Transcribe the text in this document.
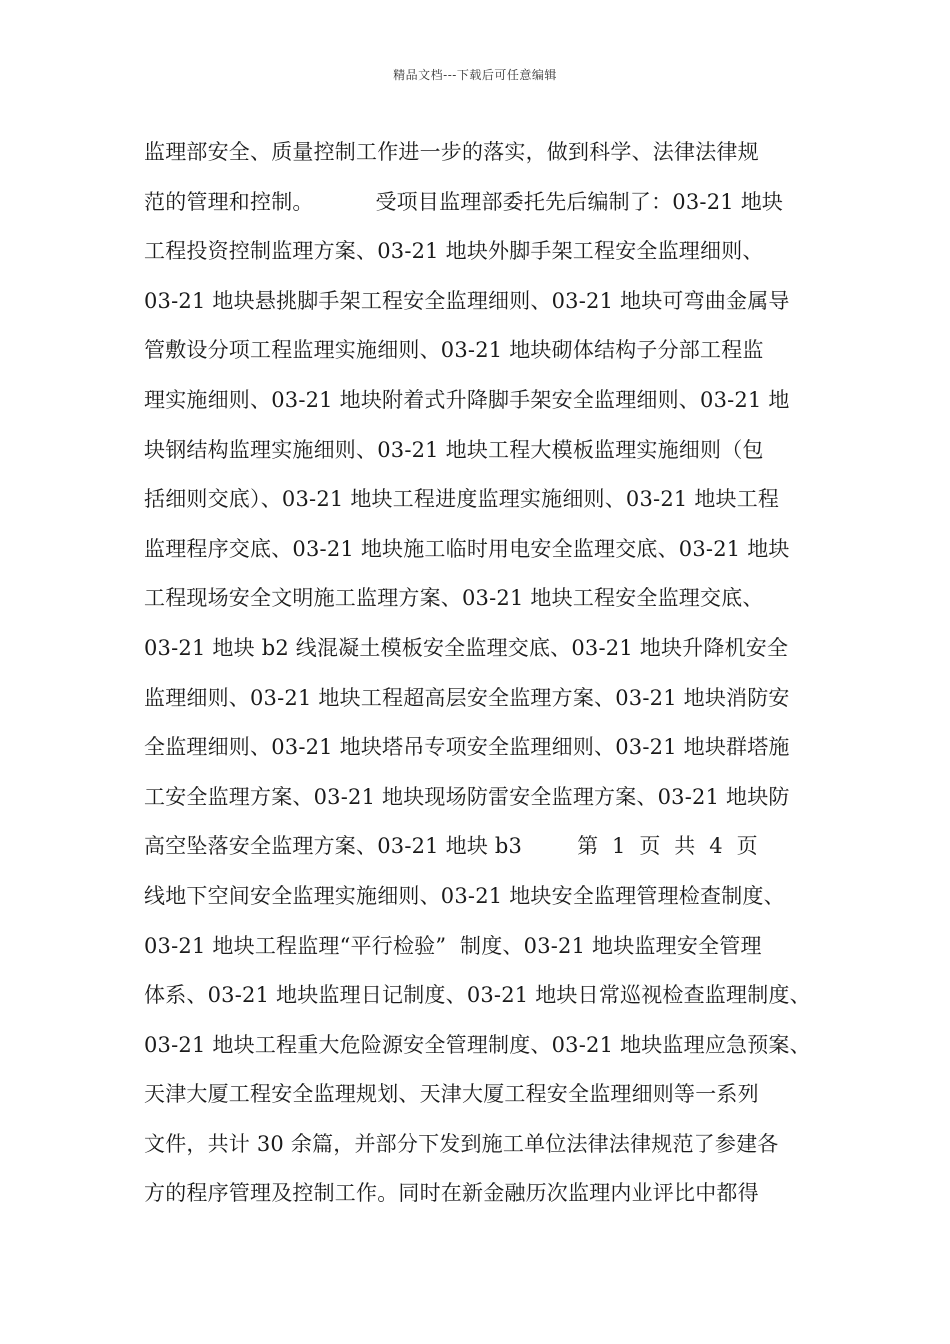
精品文档---下载后可任意编辑
监理部安全、质量控制工作进一步的落实，做到科学、法律法律规
范的管理和控制。         受项目监理部委托先后编制了：03-21 地块
工程投资控制监理方案、03-21 地块外脚手架工程安全监理细则、
03-21 地块悬挑脚手架工程安全监理细则、03-21 地块可弯曲金属导
管敷设分项工程监理实施细则、03-21 地块砌体结构子分部工程监
理实施细则、03-21 地块附着式升降脚手架安全监理细则、03-21 地
块钢结构监理实施细则、03-21 地块工程大模板监理实施细则（包
括细则交底）、03-21 地块工程进度监理实施细则、03-21 地块工程
监理程序交底、03-21 地块施工临时用电安全监理交底、03-21 地块
工程现场安全文明施工监理方案、03-21 地块工程安全监理交底、
03-21 地块 b2 线混凝土模板安全监理交底、03-21 地块升降机安全
监理细则、03-21 地块工程超高层安全监理方案、03-21 地块消防安
全监理细则、03-21 地块塔吊专项安全监理细则、03-21 地块群塔施
工安全监理方案、03-21 地块现场防雷安全监理方案、03-21 地块防
高空坠落安全监理方案、03-21 地块 b3        第  1  页  共  4  页
线地下空间安全监理实施细则、03-21 地块安全监理管理检查制度、
03-21 地块工程监理“平行检验”  制度、03-21 地块监理安全管理
体系、03-21 地块监理日记制度、03-21 地块日常巡视检查监理制度、
03-21 地块工程重大危险源安全管理制度、03-21 地块监理应急预案、
天津大厦工程安全监理规划、天津大厦工程安全监理细则等一系列
文件，共计 30 余篇，并部分下发到施工单位法律法律规范了参建各
方的程序管理及控制工作。同时在新金融历次监理内业评比中都得
